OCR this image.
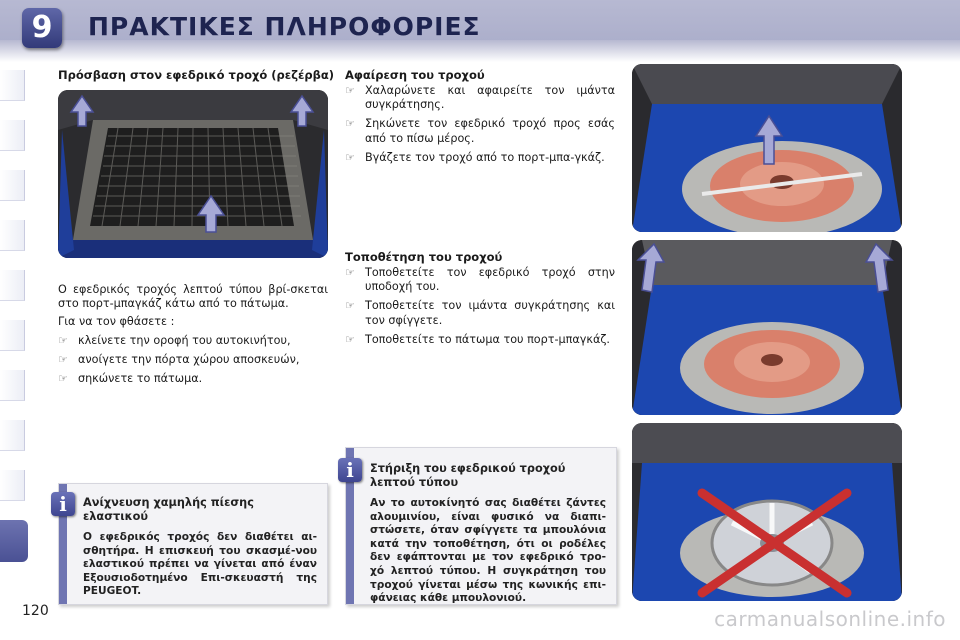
9	ΠΡΑΚΤΙΚΕΣ ΠΛΗΡΟΦΟΡΙΕΣ
Πρόσβαση στον εφεδρικό τροχό (ρεζέρβα)

Ο εφεδρικός τροχός λεπτού τύπου βρί-σκεται στο πορτ-μπαγκάζ κάτω από το πάτωμα.

Για να τον φθάσετε :

☞ κλείνετε την οροφή του αυτοκινήτου,
☞ ανοίγετε την πόρτα χώρου αποσκευών,
☞ σηκώνετε το πάτωμα.
Αφαίρεση του τροχού
☞ Χαλαρώνετε και αφαιρείτε τον ιμάντα συγκράτησης.
☞ Σηκώνετε τον εφεδρικό τροχό προς εσάς από το πίσω μέρος.
☞ Βγάζετε τον τροχό από το πορτ-μπα-γκάζ.
Τοποθέτηση του τροχού
☞ Τοποθετείτε τον εφεδρικό τροχό στην υποδοχή του.
☞ Τοποθετείτε τον ιμάντα συγκράτησης και τον σφίγγετε.
☞ Τοποθετείτε το πάτωμα του πορτ-μπαγκάζ.
Ανίχνευση χαμηλής πίεσης ελαστικού
Ο εφεδρικός τροχός δεν διαθέτει αι-σθητήρα. Η επισκευή του σκασμέ-νου ελαστικού πρέπει να γίνεται από έναν Εξουσιοδοτημένο Επι-σκευαστή της PEUGEOT.
i
Στήριξη του εφεδρικού τροχού λεπτού τύπου
Αν το αυτοκίνητό σας διαθέτει ζάντες αλουμινίου, είναι φυσικό να διαπι-στώσετε, όταν σφίγγετε τα μπουλόνια κατά την τοποθέτηση, ότι οι ροδέλες δεν εφάπτονται με τον εφεδρικό τρο-χό λεπτού τύπου. Η συγκράτηση του τροχού γίνεται μέσω της κωνικής επι-φάνειας κάθε μπουλονιού.
i
120	carmanualsonline.info
